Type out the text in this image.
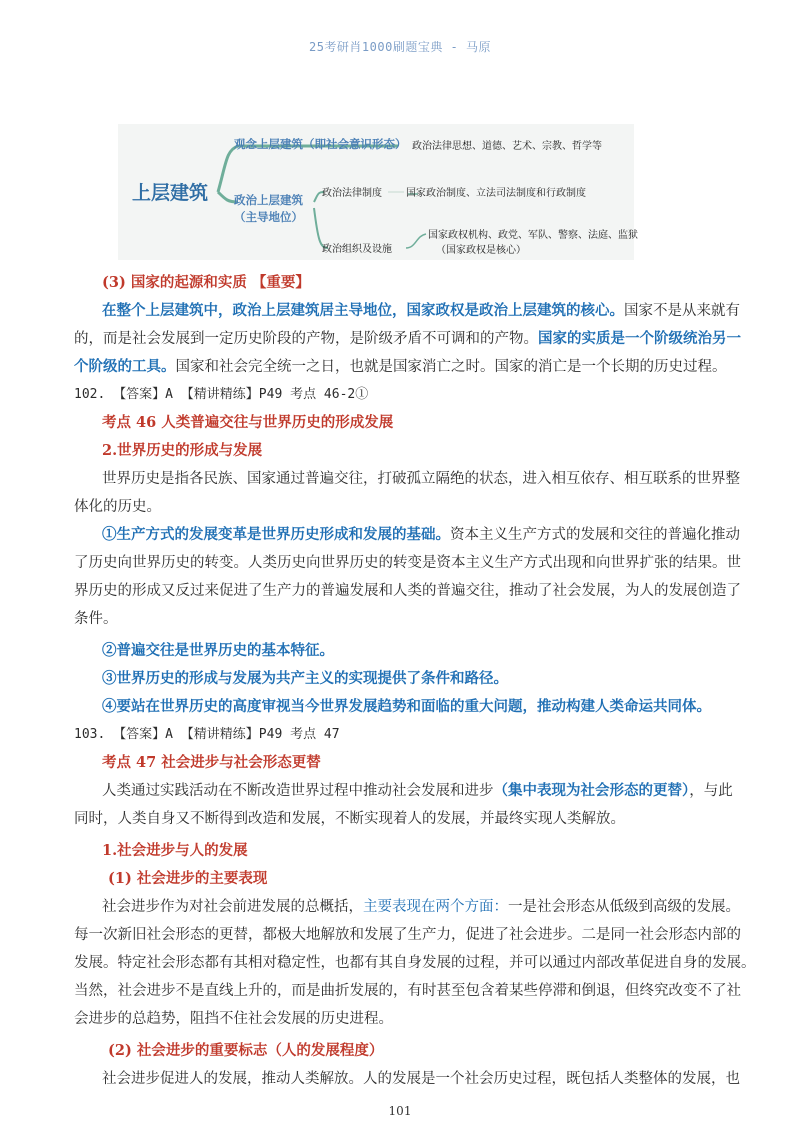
25考研肖1000刷题宝典 - 马原
上层建筑
观念上层建筑（即社会意识形态） 政治法律思想、道德、艺术、宗教、哲学等
政治上层建筑
（主导地位）
政治法律制度 国家政治制度、立法司法制度和行政制度
政治组织及设施
国家政权机构、政党、军队、警察、法庭、监狱
（国家政权是核心）
(3) 国家的起源和实质 【重要】
在整个上层建筑中，政治上层建筑居主导地位，国家政权是政治上层建筑的核心。国家不是从来就有
的，而是社会发展到一定历史阶段的产物，是阶级矛盾不可调和的产物。国家的实质是一个阶级统治另一
个阶级的工具。国家和社会完全统一之日，也就是国家消亡之时。国家的消亡是一个长期的历史过程。
102. 【答案】A 【精讲精练】P49 考点 46-2①
考点 46 人类普遍交往与世界历史的形成发展
2.世界历史的形成与发展
世界历史是指各民族、国家通过普遍交往，打破孤立隔绝的状态，进入相互依存、相互联系的世界整
体化的历史。
①生产方式的发展变革是世界历史形成和发展的基础。资本主义生产方式的发展和交往的普遍化推动
了历史向世界历史的转变。人类历史向世界历史的转变是资本主义生产方式出现和向世界扩张的结果。世
界历史的形成又反过来促进了生产力的普遍发展和人类的普遍交往，推动了社会发展，为人的发展创造了
条件。
②普遍交往是世界历史的基本特征。
③世界历史的形成与发展为共产主义的实现提供了条件和路径。
④要站在世界历史的高度审视当今世界发展趋势和面临的重大问题，推动构建人类命运共同体。
103. 【答案】A 【精讲精练】P49 考点 47
考点 47 社会进步与社会形态更替
人类通过实践活动在不断改造世界过程中推动社会发展和进步（集中表现为社会形态的更替），与此
同时，人类自身又不断得到改造和发展，不断实现着人的发展，并最终实现人类解放。
1.社会进步与人的发展
(1) 社会进步的主要表现
社会进步作为对社会前进发展的总概括，主要表现在两个方面：一是社会形态从低级到高级的发展。
每一次新旧社会形态的更替，都极大地解放和发展了生产力，促进了社会进步。二是同一社会形态内部的
发展。特定社会形态都有其相对稳定性，也都有其自身发展的过程，并可以通过内部改革促进自身的发展。
当然，社会进步不是直线上升的，而是曲折发展的，有时甚至包含着某些停滞和倒退，但终究改变不了社
会进步的总趋势，阻挡不住社会发展的历史进程。
(2) 社会进步的重要标志（人的发展程度）
社会进步促进人的发展，推动人类解放。人的发展是一个社会历史过程，既包括人类整体的发展，也
101
